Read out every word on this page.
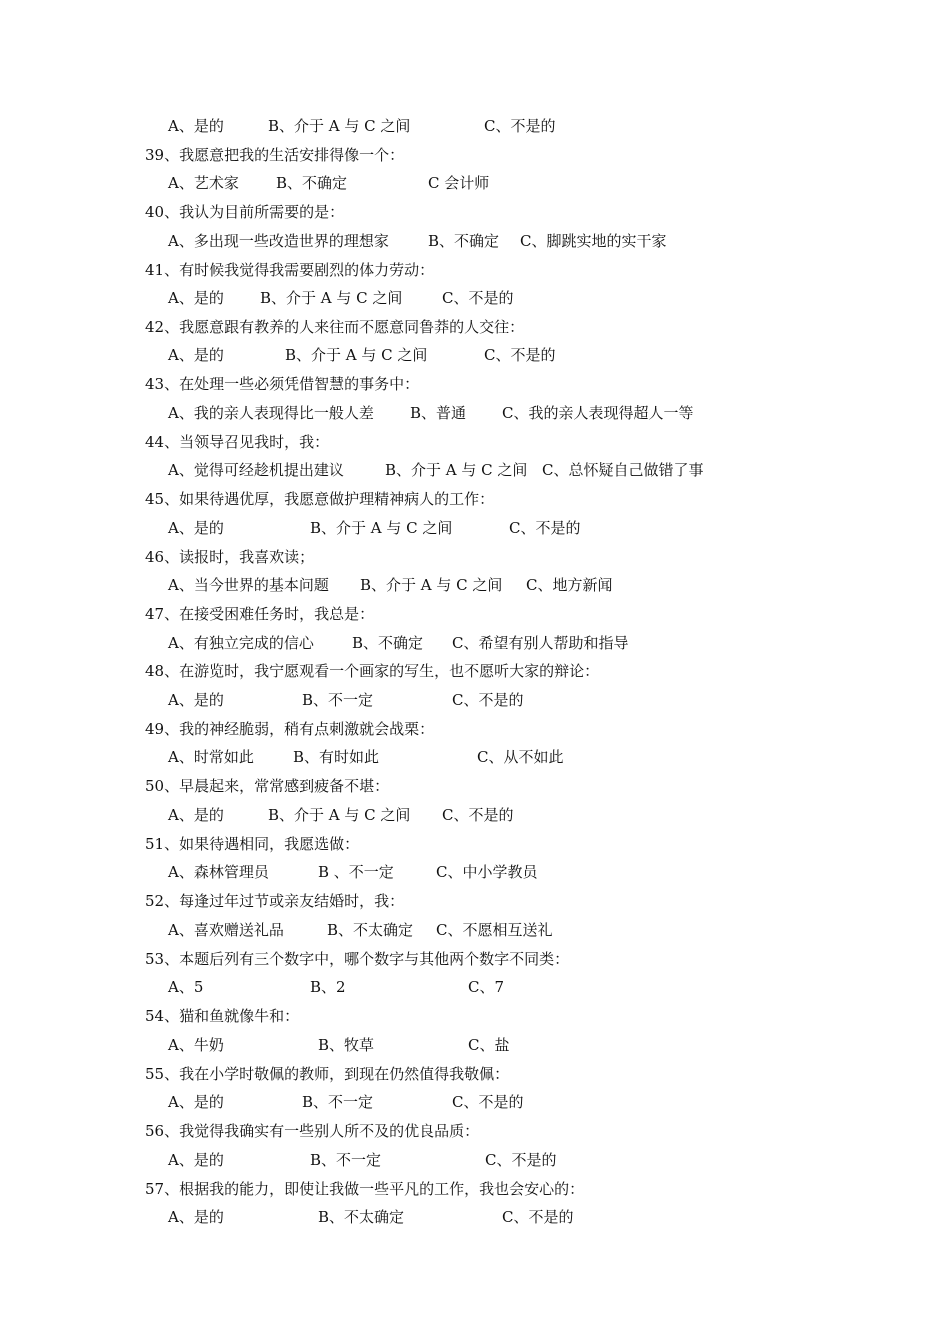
A、是的	B、介于 A 与 C 之间	C、不是的
39、我愿意把我的生活安排得像一个：
A、艺术家 B、不确定	C 会计师
40、我认为目前所需要的是：
A、多出现一些改造世界的理想家	B、不确定 C、脚跳实地的实干家
41、有时候我觉得我需要剧烈的体力劳动：
A、是的 B、介于 A 与 C 之间	C、不是的
42、我愿意跟有教养的人来往而不愿意同鲁莽的人交往：
A、是的	B、介于 A 与 C 之间	C、不是的
43、在处理一些必须凭借智慧的事务中：
A、我的亲人表现得比一般人差 B、普通 C、我的亲人表现得超人一等
44、当领导召见我时，我：
A、觉得可经趁机提出建议	B、介于 A 与 C 之间 C、总怀疑自己做错了事
45、如果待遇优厚，我愿意做护理精神病人的工作：
A、是的	B、介于 A 与 C 之间	C、不是的
46、读报时，我喜欢读；
A、当今世界的基本问题 B、介于 A 与 C 之间 C、地方新闻
47、在接受困难任务时，我总是：
A、有独立完成的信心	B、不确定 C、希望有别人帮助和指导
48、在游览时，我宁愿观看一个画家的写生，也不愿听大家的辩论：
A、是的	B、不一定	C、不是的
49、我的神经脆弱，稍有点刺激就会战栗：
A、时常如此	B、有时如此	C、从不如此
50、早晨起来，常常感到疲备不堪：
A、是的	B、介于 A 与 C 之间 C、不是的
51、如果待遇相同，我愿选做：
A、森林管理员	B 、不一定	C、中小学教员
52、每逢过年过节或亲友结婚时，我：
A、喜欢赠送礼品	B、不太确定 C、不愿相互送礼
53、本题后列有三个数字中，哪个数字与其他两个数字不同类：
A、5	B、2	C、7
54、猫和鱼就像牛和：
A、牛奶	B、牧草	C、盐
55、我在小学时敬佩的教师，到现在仍然值得我敬佩：
A、是的	B、不一定	C、不是的
56、我觉得我确实有一些别人所不及的优良品质：
A、是的	B、不一定	C、不是的
57、根据我的能力，即使让我做一些平凡的工作，我也会安心的：
A、是的	B、不太确定	C、不是的
